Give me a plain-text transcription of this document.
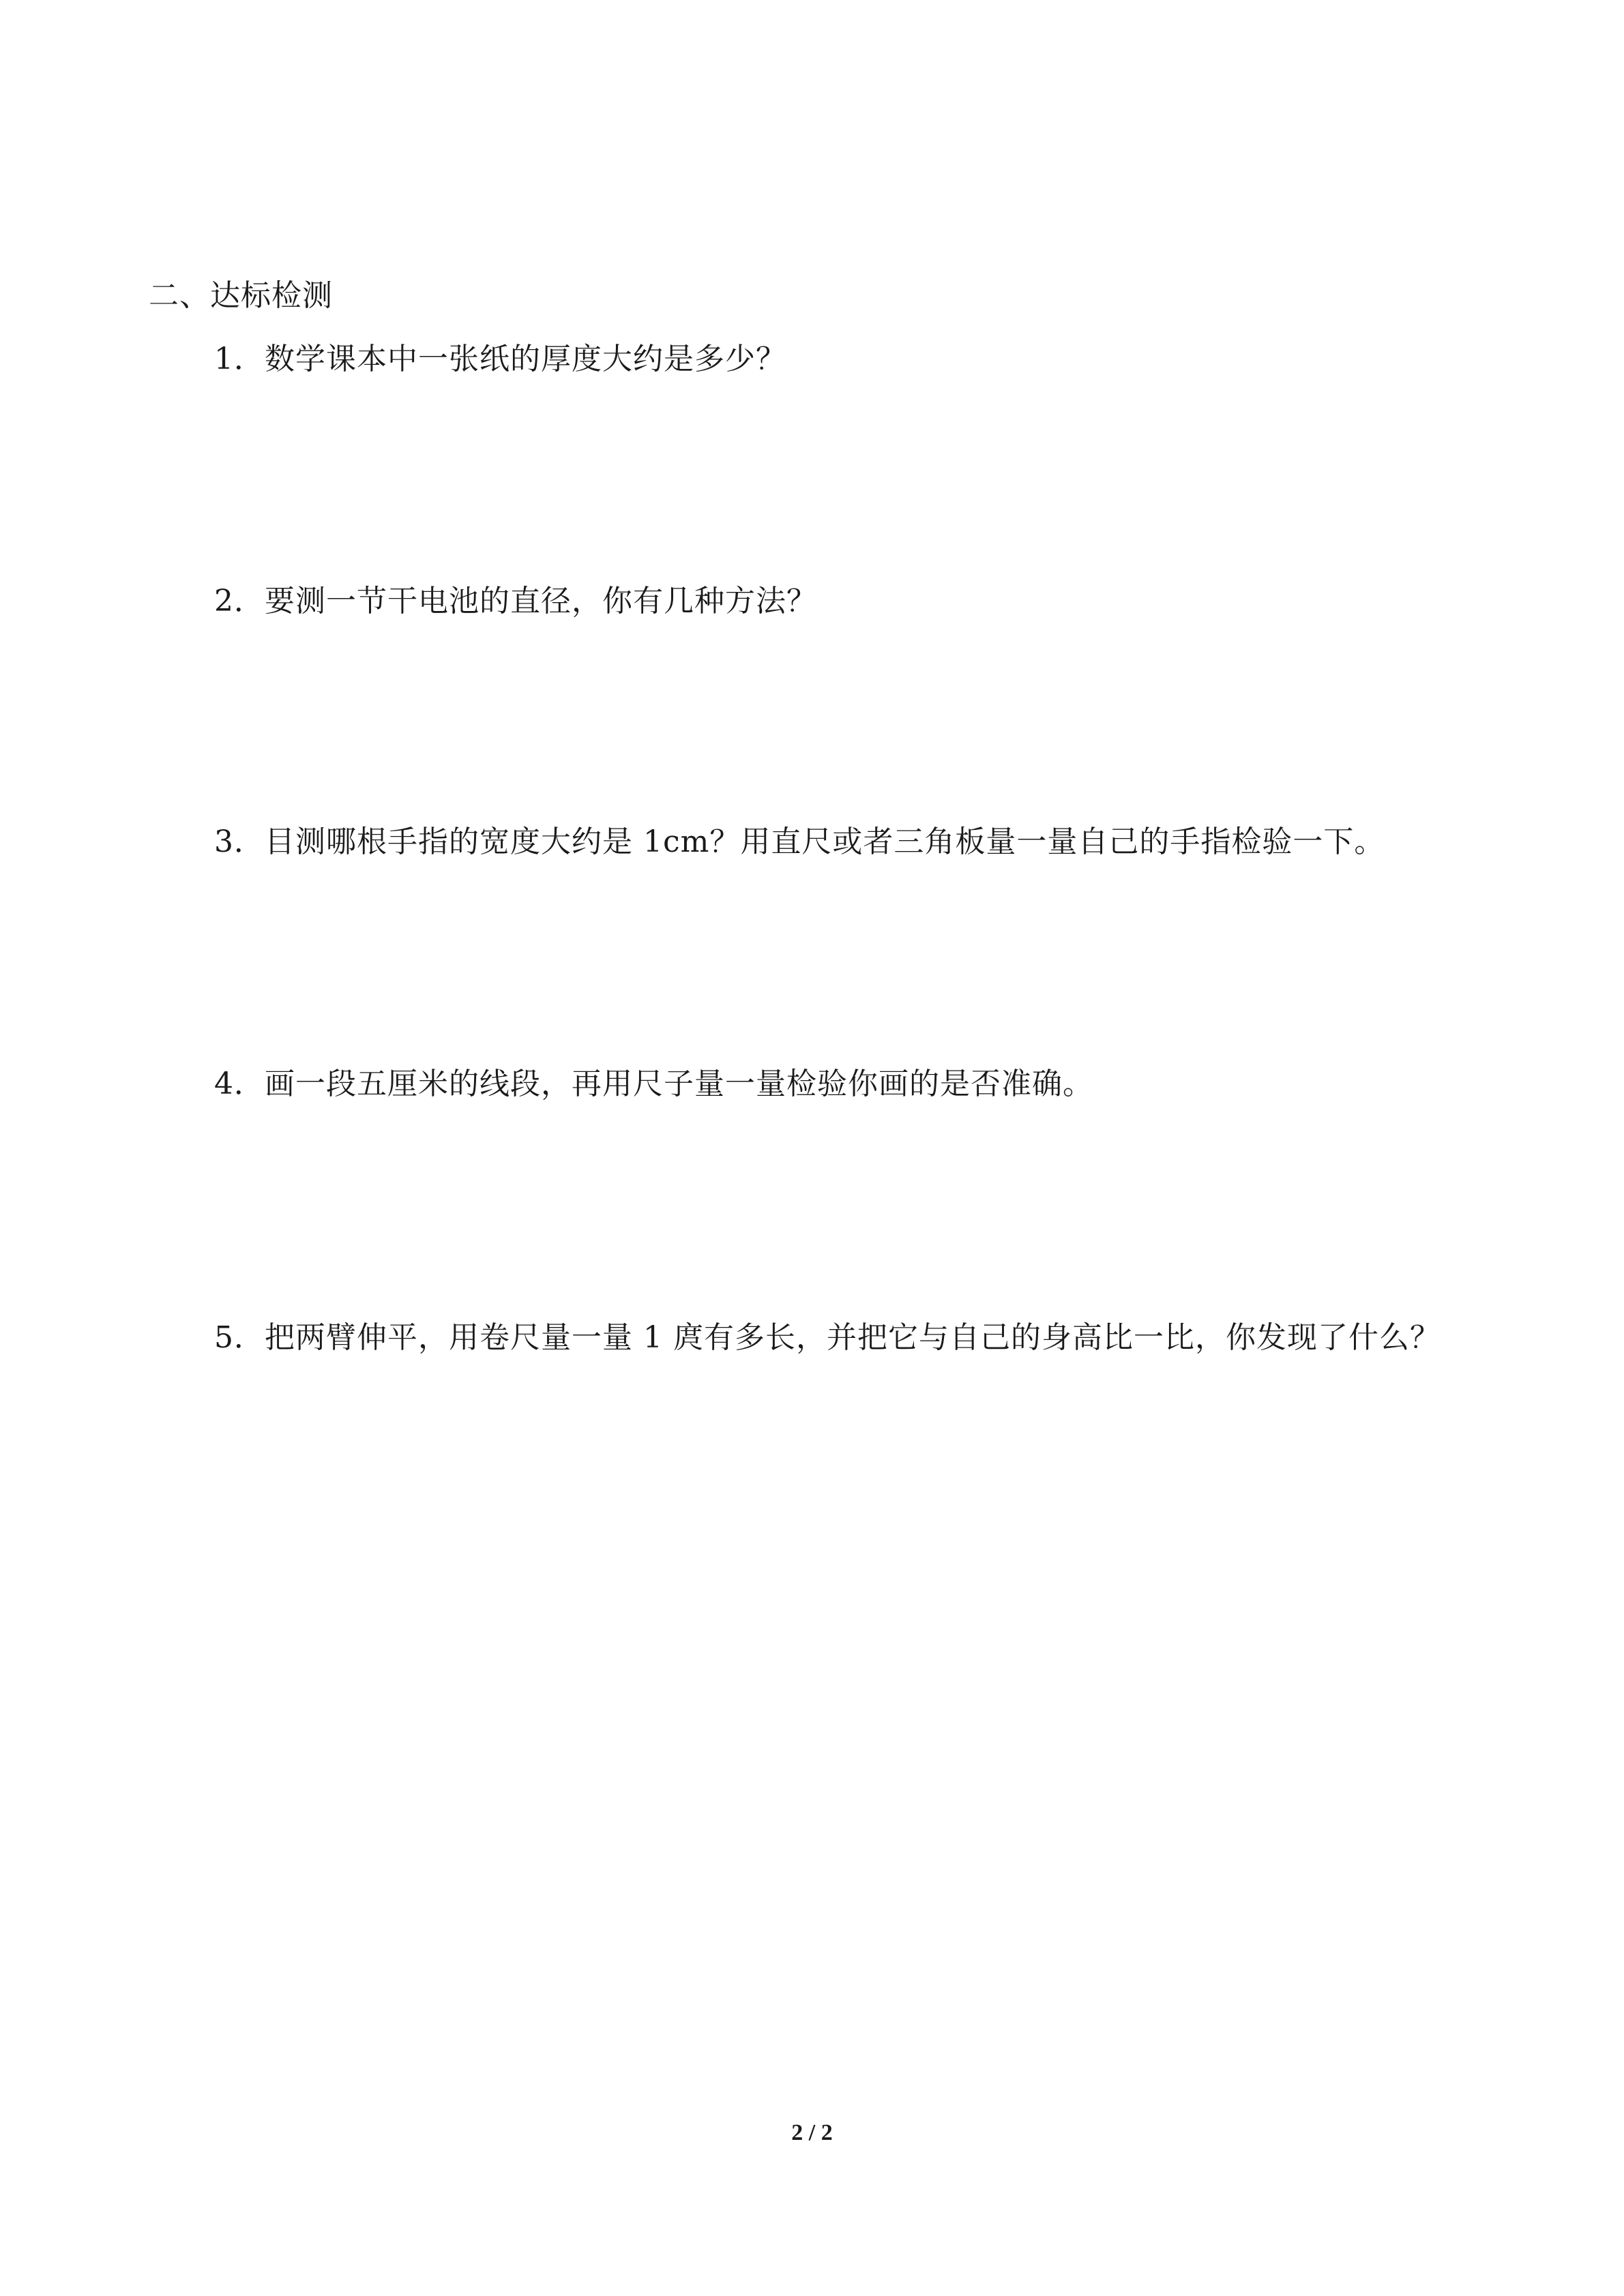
二、达标检测
1．数学课本中一张纸的厚度大约是多少？
2．要测一节干电池的直径，你有几种方法？
3．目测哪根手指的宽度大约是 1cm？用直尺或者三角板量一量自己的手指检验一下。
4．画一段五厘米的线段，再用尺子量一量检验你画的是否准确。
5．把两臂伸平，用卷尺量一量 1 庹有多长，并把它与自己的身高比一比，你发现了什么？
2 / 2
